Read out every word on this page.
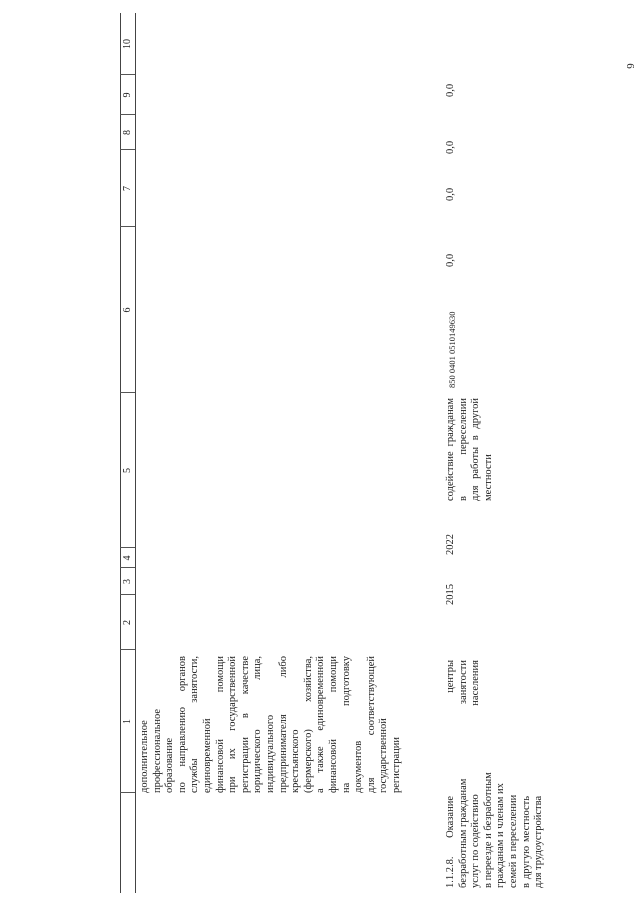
6
1
2
3
4
5
6
7
8
9
10
дополнительное профессиональное образование по направлению органов службы занятости, единовременной финансовой помощи при их государственной регистрации в качестве юридического лица, индивидуального предпринимателя либо крестьянского (фермерского) хозяйства, а также единовременной финансовой помощи на подготовку документов для соответствующей государственной регистрации
1.1.2.8. Оказание безработным гражданам услуг по содействию в переезде и безработным гражданам и членам их семей в переселении в другую местность для трудоустройства
центры занятости населения
2015
2022
содействие гражданам в переселении для работы в другой местности
850 0401 0510149630
0,0
0,0
0,0
0,0
